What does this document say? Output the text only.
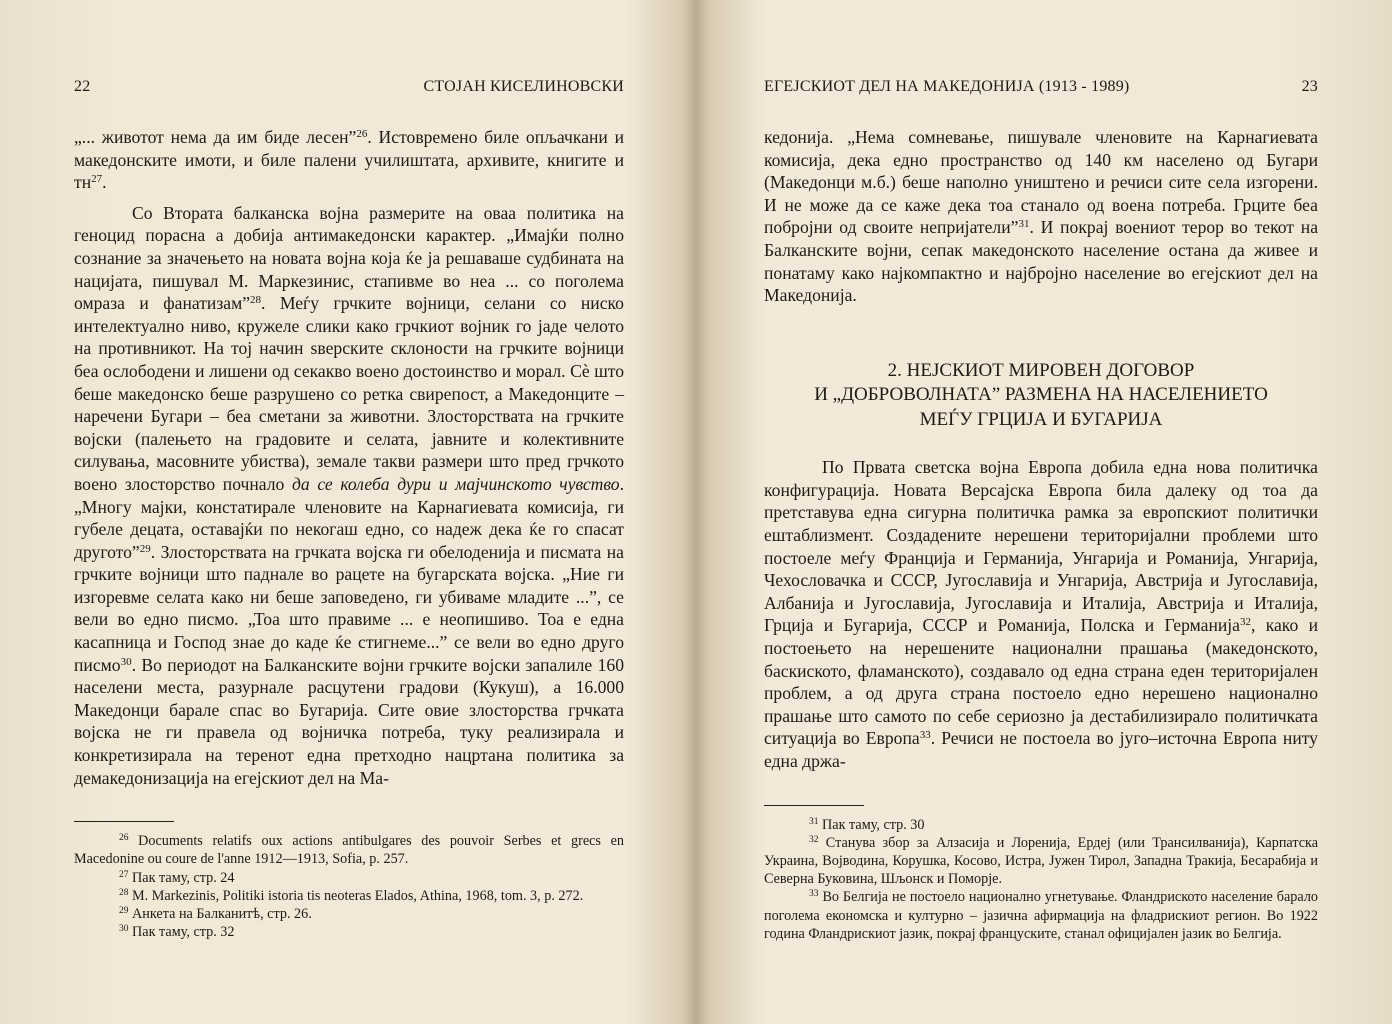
22	СТОЈАН КИСЕЛИНОВСКИ

„... животот нема да им биде лесен”$^{26}$. Истовремено биле опљачкани и македонските имоти, и биле палени училиштата, архивите, книгите и $тн^{27}$.

Со Втората балканска војна размерите на оваа политика на геноцид порасна а добија антимакедонски карактер. „Имајќи полно сознание за значењето на новата војна која ќе ја решаваше судбината на нацијата, пишувал М. Маркезинис, стапивме во неа ... со поголема омраза и фанатизам”$^{28}$. Меѓу грчките војници, селани со ниско интелектуално ниво, кружеле слики како грчкиот војник го јаде челото на противникот. На тој начин ѕверските склоности на грчките војници беа ослободени и лишени од секакво воено достоинство и морал. Сè што беше македонско беше разрушено со ретка свирепост, а Македонците – наречени Бугари – беа сметани за животни. Злосторствата на грчките војски (палењето на градовите и селата, јавните и колективните силувања, масовните убиства), земале такви размери што пред грчкото воено злосторство почнало да се колеба дури и мајчинското чувство. „Многу мајки, констатирале членовите на Карнагиевата комисија, ги губеле децата, оставајќи по некогаш едно, со надеж дека ќе го спасат другото”$^{29}$. Злосторствата на грчката војска ги обелоденија и писмата на грчките војници што паднале во рацете на бугарската војска. „Ние ги изгоревме селата како ни беше заповедено, ги убиваме младите ...”, се вели во едно писмо. „Тоа што правиме ... е неопишиво. Тоа е една касапница и Господ знае до каде ќе стигнеме...” се вели во едно друго писмо$^{30}$. Во периодот на Балканските војни грчките војски запалиле 160 населени места, разурнале расцутени градови (Кукуш), а 16.000 Македонци барале спас во Бугарија. Сите овие злосторства грчката војска не ги правела од војничка потреба, туку реализирала и конкретизирала на теренот една претходно нацртана политика за демакедонизација на егејскиот дел на Ма-

$^{26}$ Documents relatifs oux actions antibulgares des pouvoir Serbes et grecs en Macedonine ou coure de l'anne 1912—1913, Sofia, p. 257.

$^{27}$ Пак таму, стр. 24

$^{28}$ M. Markezinis, Politiki istoria tis neoteras Elados, Athina, 1968, tom. 3, p. 272.

$^{29}$ Анкета на Балканитѣ, стр. 26.

$^{30}$ Пак таму, стр. 32

ЕГЕЈСКИОТ ДЕЛ НА МАКЕДОНИЈА (1913 - 1989)	23

кедонија. „Нема сомневање, пишувале членовите на Карнагиевата комисија, дека едно пространство од 140 км населено од Бугари (Македонци м.б.) беше наполно уништено и речиси сите села изгорени. И не може да се каже дека тоа станало од воена потреба. Грците беа побројни од своите непријатели”$^{31}$. И покрај воениот терор во текот на Балканските војни, сепак македонското население остана да живее и понатаму како најкомпактно и најбројно население во егејскиот дел на Македонија.

2. НЕЈСКИОТ МИРОВЕН ДОГОВОР
И „ДОБРОВОЛНАТА” РАЗМЕНА НА НАСЕЛЕНИЕТО
МЕЃУ ГРЦИЈА И БУГАРИЈА

По Првата светска војна Европа добила една нова политичка конфигурација. Новата Версајска Европа била далеку од тоа да претставува една сигурна политичка рамка за европскиот политички ештаблизмент. Создадените нерешени територијални проблеми што постоеле меѓу Франција и Германија, Унгарија и Романија, Унгарија, Чехословачка и СССР, Југославија и Унгарија, Австрија и Југославија, Албанија и Југославија, Југославија и Италија, Австрија и Италија, Грција и Бугарија, СССР и Романија, Полска и Германија$^{32}$, како и постоењето на нерешените национални прашања (македонското, баскиското, фламанското), создавало од една страна еден територијален проблем, а од друга страна постоело едно нерешено национално прашање што самото по себе сериозно ја дестабилизирало политичката ситуација во Европа$^{33}$. Речиси не постоела во југо–источна Европа ниту една држа-

$^{31}$ Пак таму, стр. 30

$^{32}$ Станува збор за Алзасија и Лоренија, Ердеј (или Трансилванија), Карпатска Украина, Војводина, Корушка, Косово, Истра, Јужен Тирол, Западна Тракија, Бесарабија и Северна Буковина, Шљонск и Поморје.

$^{33}$ Во Белгија не постоело национално угнетување. Фландриското население барало поголема економска и културно – јазична афирмација на фладрискиот регион. Во 1922 година Фландрискиот јазик, покрај француските, станал официјален јазик во Белгија.
